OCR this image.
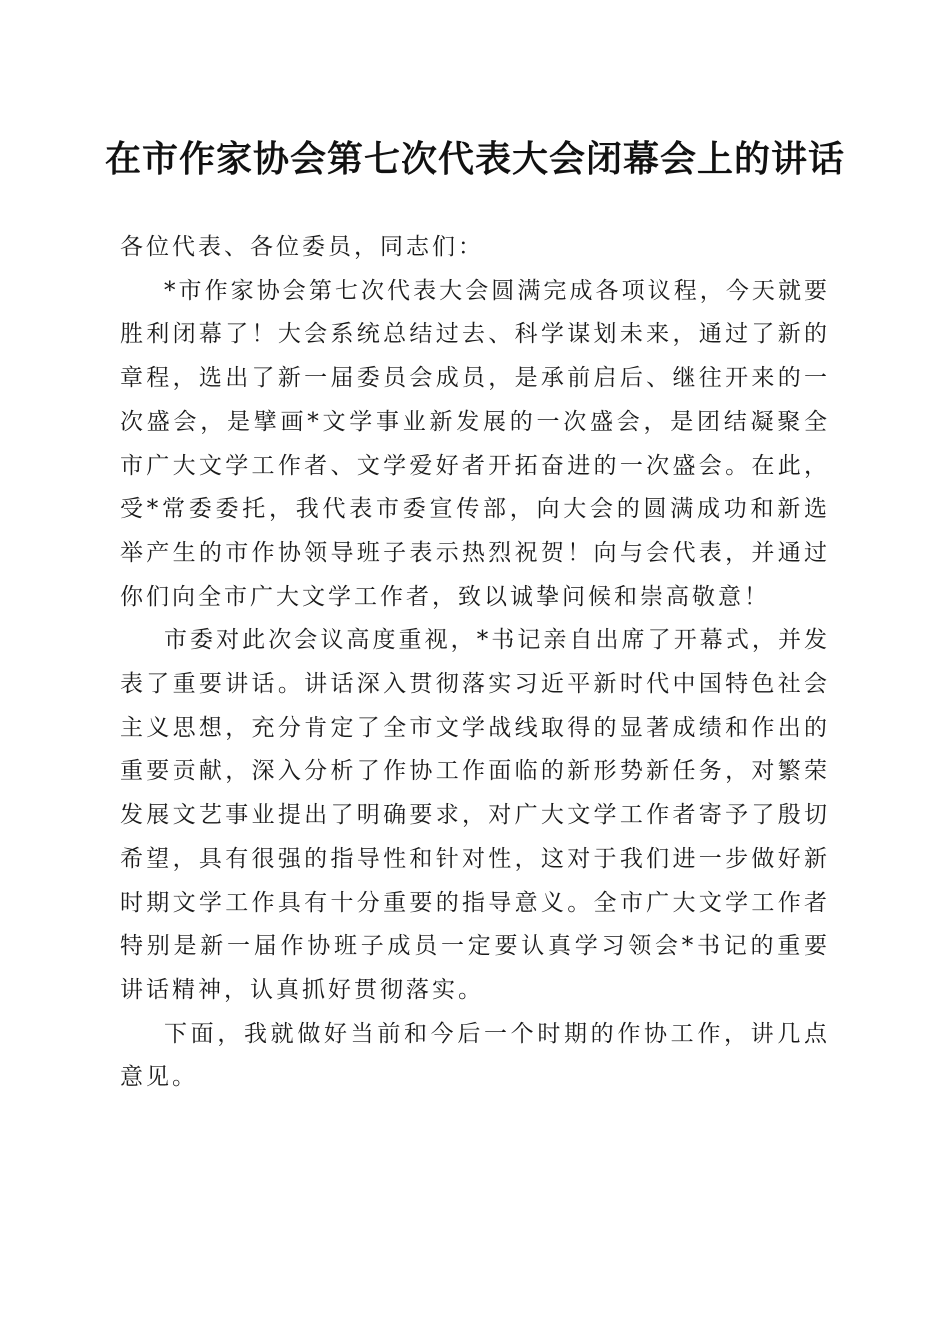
在市作家协会第七次代表大会闭幕会上的讲话

各位代表、各位委员，同志们：

*市作家协会第七次代表大会圆满完成各项议程，今天就要胜利闭幕了！大会系统总结过去、科学谋划未来，通过了新的章程，选出了新一届委员会成员，是承前启后、继往开来的一次盛会，是擘画*文学事业新发展的一次盛会，是团结凝聚全市广大文学工作者、文学爱好者开拓奋进的一次盛会。在此，受*常委委托，我代表市委宣传部，向大会的圆满成功和新选举产生的市作协领导班子表示热烈祝贺！向与会代表，并通过你们向全市广大文学工作者，致以诚挚问候和崇高敬意！

市委对此次会议高度重视，*书记亲自出席了开幕式，并发表了重要讲话。讲话深入贯彻落实习近平新时代中国特色社会主义思想，充分肯定了全市文学战线取得的显著成绩和作出的重要贡献，深入分析了作协工作面临的新形势新任务，对繁荣发展文艺事业提出了明确要求，对广大文学工作者寄予了殷切希望，具有很强的指导性和针对性，这对于我们进一步做好新时期文学工作具有十分重要的指导意义。全市广大文学工作者特别是新一届作协班子成员一定要认真学习领会*书记的重要讲话精神，认真抓好贯彻落实。

下面，我就做好当前和今后一个时期的作协工作，讲几点意见。
